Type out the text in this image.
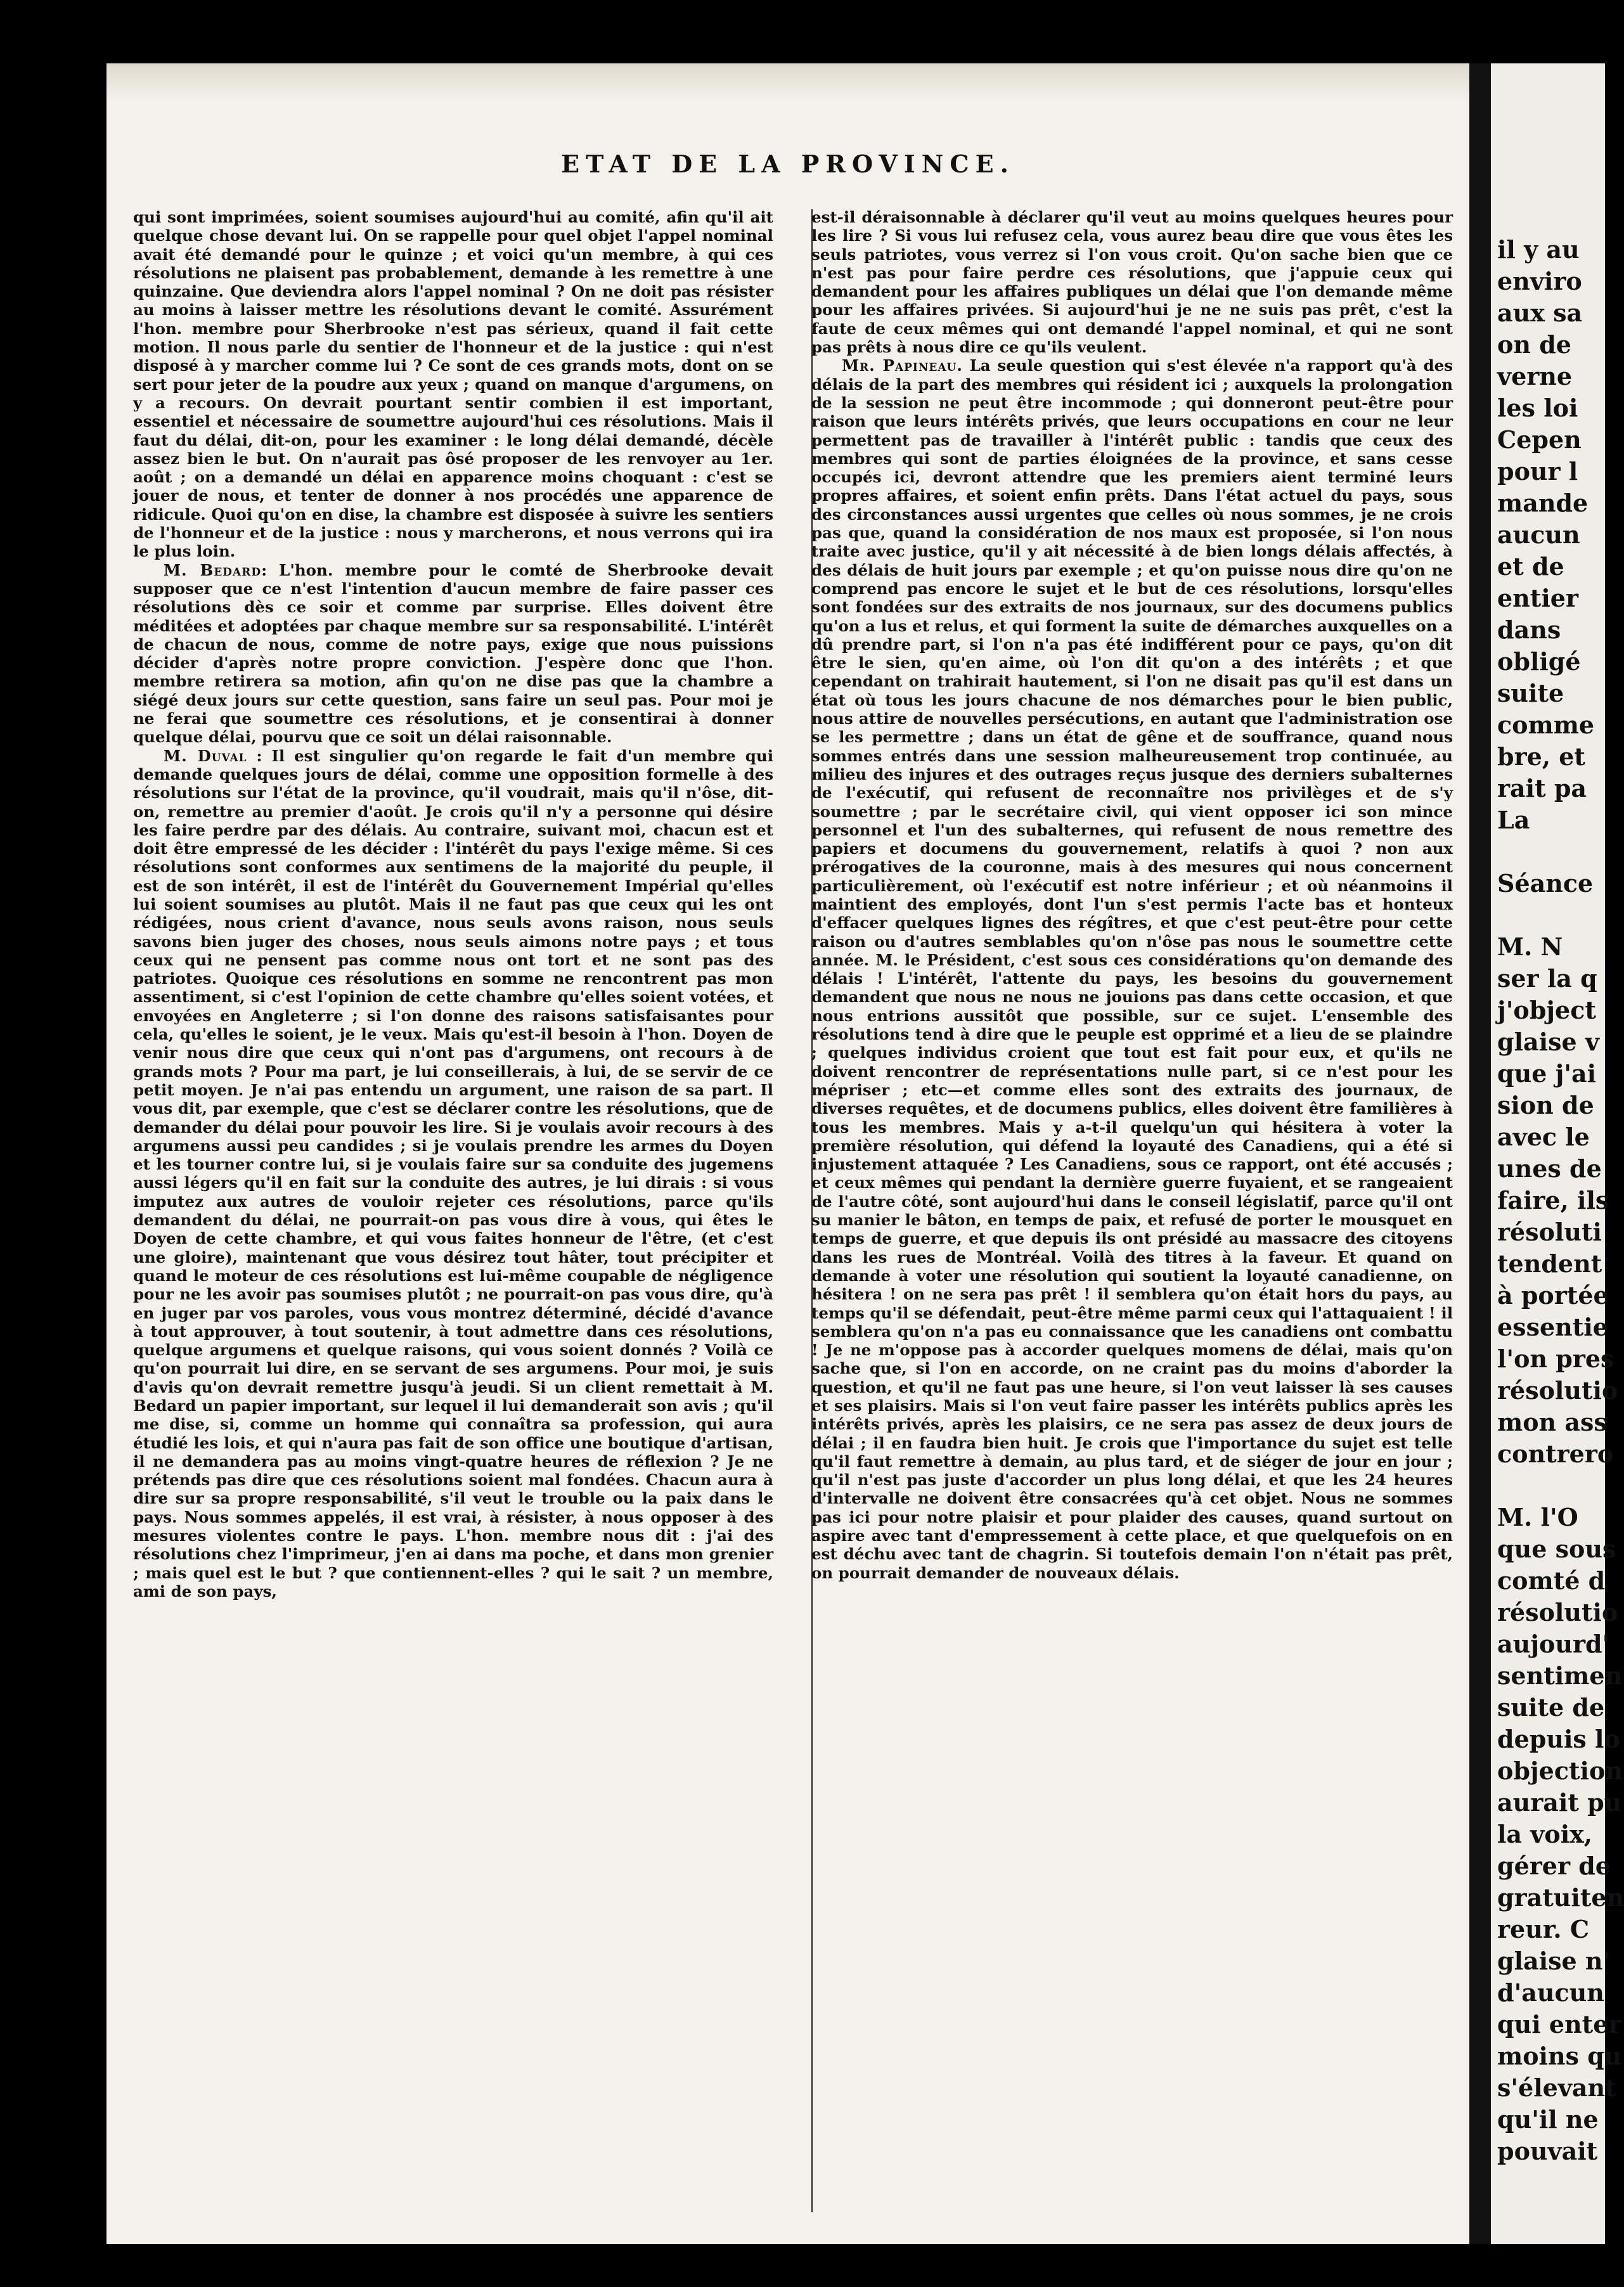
ETAT DE LA PROVINCE.

qui sont imprimées, soient soumises aujourd'hui au comité, afin qu'il ait quelque chose devant lui. On se rappelle pour quel objet l'appel nominal avait été demandé pour le quinze ; et voici qu'un membre, à qui ces résolutions ne plaisent pas probablement, demande à les remettre à une quinzaine. Que deviendra alors l'appel nominal ? On ne doit pas résister au moins à laisser mettre les résolutions devant le comité. Assurément l'hon. membre pour Sherbrooke n'est pas sérieux, quand il fait cette motion. Il nous parle du sentier de l'honneur et de la justice : qui n'est disposé à y marcher comme lui ? Ce sont de ces grands mots, dont on se sert pour jeter de la poudre aux yeux ; quand on manque d'argumens, on y a recours. On devrait pourtant sentir combien il est important, essentiel et nécessaire de soumettre aujourd'hui ces résolutions. Mais il faut du délai, dit-on, pour les examiner : le long délai demandé, décèle assez bien le but. On n'aurait pas ôsé proposer de les renvoyer au 1er. août ; on a demandé un délai en apparence moins choquant : c'est se jouer de nous, et tenter de donner à nos procédés une apparence de ridicule. Quoi qu'on en dise, la chambre est disposée à suivre les sentiers de l'honneur et de la justice : nous y marcherons, et nous verrons qui ira le plus loin.

M. Bedard: L'hon. membre pour le comté de Sherbrooke devait supposer que ce n'est l'intention d'aucun membre de faire passer ces résolutions dès ce soir et comme par surprise. Elles doivent être méditées et adoptées par chaque membre sur sa responsabilité. L'intérêt de chacun de nous, comme de notre pays, exige que nous puissions décider d'après notre propre conviction. J'espère donc que l'hon. membre retirera sa motion, afin qu'on ne dise pas que la chambre a siégé deux jours sur cette question, sans faire un seul pas. Pour moi je ne ferai que soumettre ces résolutions, et je consentirai à donner quelque délai, pourvu que ce soit un délai raisonnable.

M. Duval : Il est singulier qu'on regarde le fait d'un membre qui demande quelques jours de délai, comme une opposition formelle à des résolutions sur l'état de la province, qu'il voudrait, mais qu'il n'ôse, dit-on, remettre au premier d'août. Je crois qu'il n'y a personne qui désire les faire perdre par des délais. Au contraire, suivant moi, chacun est et doit être empressé de les décider : l'intérêt du pays l'exige même. Si ces résolutions sont conformes aux sentimens de la majorité du peuple, il est de son intérêt, il est de l'intérêt du Gouvernement Impérial qu'elles lui soient soumises au plutôt. Mais il ne faut pas que ceux qui les ont rédigées, nous crient d'avance, nous seuls avons raison, nous seuls savons bien juger des choses, nous seuls aimons notre pays ; et tous ceux qui ne pensent pas comme nous ont tort et ne sont pas des patriotes. Quoique ces résolutions en somme ne rencontrent pas mon assentiment, si c'est l'opinion de cette chambre qu'elles soient votées, et envoyées en Angleterre ; si l'on donne des raisons satisfaisantes pour cela, qu'elles le soient, je le veux. Mais qu'est-il besoin à l'hon. Doyen de venir nous dire que ceux qui n'ont pas d'argumens, ont recours à de grands mots ? Pour ma part, je lui conseillerais, à lui, de se servir de ce petit moyen. Je n'ai pas entendu un argument, une raison de sa part. Il vous dit, par exemple, que c'est se déclarer contre les résolutions, que de demander du délai pour pouvoir les lire. Si je voulais avoir recours à des argumens aussi peu candides ; si je voulais prendre les armes du Doyen et les tourner contre lui, si je voulais faire sur sa conduite des jugemens aussi légers qu'il en fait sur la conduite des autres, je lui dirais : si vous imputez aux autres de vouloir rejeter ces résolutions, parce qu'ils demandent du délai, ne pourrait-on pas vous dire à vous, qui êtes le Doyen de cette chambre, et qui vous faites honneur de l'être, (et c'est une gloire), maintenant que vous désirez tout hâter, tout précipiter et quand le moteur de ces résolutions est lui-même coupable de négligence pour ne les avoir pas soumises plutôt ; ne pourrait-on pas vous dire, qu'à en juger par vos paroles, vous vous montrez déterminé, décidé d'avance à tout approuver, à tout soutenir, à tout admettre dans ces résolutions, quelque argumens et quelque raisons, qui vous soient donnés ? Voilà ce qu'on pourrait lui dire, en se servant de ses argumens. Pour moi, je suis d'avis qu'on devrait remettre jusqu'à jeudi. Si un client remettait à M. Bedard un papier important, sur lequel il lui demanderait son avis ; qu'il me dise, si, comme un homme qui connaîtra sa profession, qui aura étudié les lois, et qui n'aura pas fait de son office une boutique d'artisan, il ne demandera pas au moins vingt-quatre heures de réflexion ? Je ne prétends pas dire que ces résolutions soient mal fondées. Chacun aura à dire sur sa propre responsabilité, s'il veut le trouble ou la paix dans le pays. Nous sommes appelés, il est vrai, à résister, à nous opposer à des mesures violentes contre le pays. L'hon. membre nous dit : j'ai des résolutions chez l'imprimeur, j'en ai dans ma poche, et dans mon grenier ; mais quel est le but ? que contiennent-elles ? qui le sait ? un membre, ami de son pays,

est-il déraisonnable à déclarer qu'il veut au moins quelques heures pour les lire ? Si vous lui refusez cela, vous aurez beau dire que vous êtes les seuls patriotes, vous verrez si l'on vous croit. Qu'on sache bien que ce n'est pas pour faire perdre ces résolutions, que j'appuie ceux qui demandent pour les affaires publiques un délai que l'on demande même pour les affaires privées. Si aujourd'hui je ne ne suis pas prêt, c'est la faute de ceux mêmes qui ont demandé l'appel nominal, et qui ne sont pas prêts à nous dire ce qu'ils veulent.

Mr. Papineau. La seule question qui s'est élevée n'a rapport qu'à des délais de la part des membres qui résident ici ; auxquels la prolongation de la session ne peut être incommode ; qui donneront peut-être pour raison que leurs intérêts privés, que leurs occupations en cour ne leur permettent pas de travailler à l'intérêt public : tandis que ceux des membres qui sont de parties éloignées de la province, et sans cesse occupés ici, devront attendre que les premiers aient terminé leurs propres affaires, et soient enfin prêts. Dans l'état actuel du pays, sous des circonstances aussi urgentes que celles où nous sommes, je ne crois pas que, quand la considération de nos maux est proposée, si l'on nous traite avec justice, qu'il y ait nécessité à de bien longs délais affectés, à des délais de huit jours par exemple ; et qu'on puisse nous dire qu'on ne comprend pas encore le sujet et le but de ces résolutions, lorsqu'elles sont fondées sur des extraits de nos journaux, sur des documens publics qu'on a lus et relus, et qui forment la suite de démarches auxquelles on a dû prendre part, si l'on n'a pas été indifférent pour ce pays, qu'on dit être le sien, qu'en aime, où l'on dit qu'on a des intérêts ; et que cependant on trahirait hautement, si l'on ne disait pas qu'il est dans un état où tous les jours chacune de nos démarches pour le bien public, nous attire de nouvelles persécutions, en autant que l'administration ose se les permettre ; dans un état de gêne et de souffrance, quand nous sommes entrés dans une session malheureusement trop continuée, au milieu des injures et des outrages reçus jusque des derniers subalternes de l'exécutif, qui refusent de reconnaître nos privilèges et de s'y soumettre ; par le secrétaire civil, qui vient opposer ici son mince personnel et l'un des subalternes, qui refusent de nous remettre des papiers et documens du gouvernement, relatifs à quoi ? non aux prérogatives de la couronne, mais à des mesures qui nous concernent particulièrement, où l'exécutif est notre inférieur ; et où néanmoins il maintient des employés, dont l'un s'est permis l'acte bas et honteux d'effacer quelques lignes des régîtres, et que c'est peut-être pour cette raison ou d'autres semblables qu'on n'ôse pas nous le soumettre cette année. M. le Président, c'est sous ces considérations qu'on demande des délais ! L'intérêt, l'attente du pays, les besoins du gouvernement demandent que nous ne nous ne jouions pas dans cette occasion, et que nous entrions aussitôt que possible, sur ce sujet. L'ensemble des résolutions tend à dire que le peuple est opprimé et a lieu de se plaindre ; quelques individus croient que tout est fait pour eux, et qu'ils ne doivent rencontrer de représentations nulle part, si ce n'est pour les mépriser ; etc—et comme elles sont des extraits des journaux, de diverses requêtes, et de documens publics, elles doivent être familières à tous les membres. Mais y a-t-il quelqu'un qui hésitera à voter la première résolution, qui défend la loyauté des Canadiens, qui a été si injustement attaquée ? Les Canadiens, sous ce rapport, ont été accusés ; et ceux mêmes qui pendant la dernière guerre fuyaient, et se rangeaient de l'autre côté, sont aujourd'hui dans le conseil législatif, parce qu'il ont su manier le bâton, en temps de paix, et refusé de porter le mousquet en temps de guerre, et que depuis ils ont présidé au massacre des citoyens dans les rues de Montréal. Voilà des titres à la faveur. Et quand on demande à voter une résolution qui soutient la loyauté canadienne, on hésitera ! on ne sera pas prêt ! il semblera qu'on était hors du pays, au temps qu'il se défendait, peut-être même parmi ceux qui l'attaquaient ! il semblera qu'on n'a pas eu connaissance que les canadiens ont combattu ! Je ne m'oppose pas à accorder quelques momens de délai, mais qu'on sache que, si l'on en accorde, on ne craint pas du moins d'aborder la question, et qu'il ne faut pas une heure, si l'on veut laisser là ses causes et ses plaisirs. Mais si l'on veut faire passer les intérêts publics après les intérêts privés, après les plaisirs, ce ne sera pas assez de deux jours de délai ; il en faudra bien huit. Je crois que l'importance du sujet est telle qu'il faut remettre à demain, au plus tard, et de siéger de jour en jour ; qu'il n'est pas juste d'accorder un plus long délai, et que les 24 heures d'intervalle ne doivent être consacrées qu'à cet objet. Nous ne sommes pas ici pour notre plaisir et pour plaider des causes, quand surtout on aspire avec tant d'empressement à cette place, et que quelquefois on en est déchu avec tant de chagrin. Si toutefois demain l'on n'était pas prêt, on pourrait demander de nouveaux délais.

il y au
enviro
aux sa
on de
verne
les loi
Cepen
pour l
mande
aucun
et de
entier
dans
obligé
suite
comme
bre, et
rait pa
La
Séance
M. N
ser la q
j'object
glaise v
que j'ai
sion de
avec le
unes de
faire, ils
résoluti
tendent
à portée
essentie
l'on pres
résolutio
mon ass
contrero
M. l'O
que sous
comté d
résolutio
aujourd'
sentimen
suite de
depuis lo
objection
aurait pu
la voix,
gérer de
gratuiten
reur. C
glaise n'
d'aucun
qui enter
moins qu
s'élevant
qu'il ne
pouvait
